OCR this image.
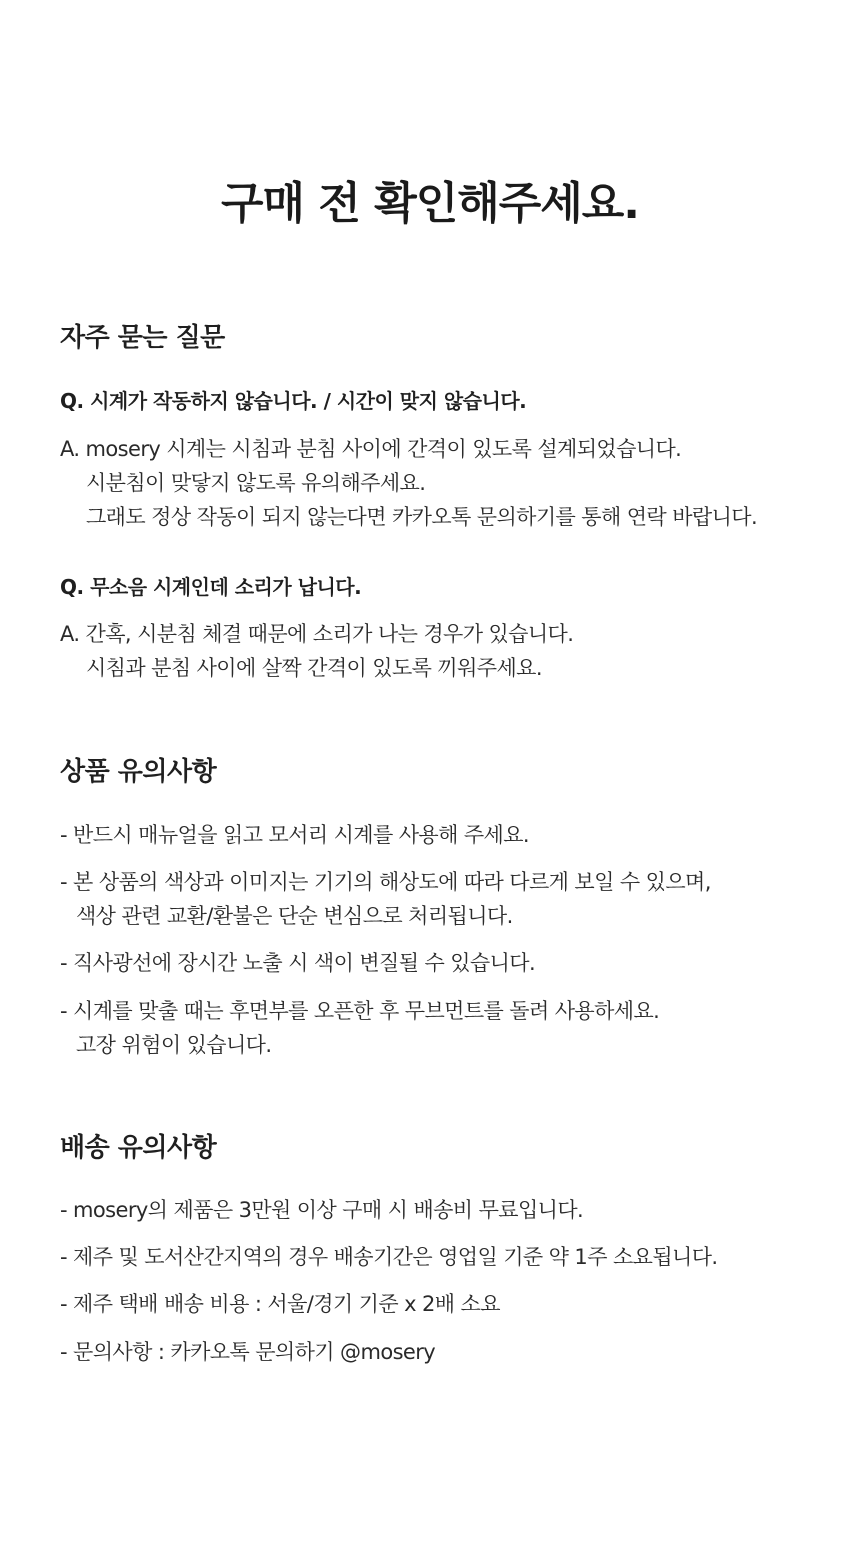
구매 전 확인해주세요.
자주 묻는 질문
Q. 시계가 작동하지 않습니다. / 시간이 맞지 않습니다.
A. mosery 시계는 시침과 분침 사이에 간격이 있도록 설계되었습니다.
시분침이 맞닿지 않도록 유의해주세요.
그래도 정상 작동이 되지 않는다면 카카오톡 문의하기를 통해 연락 바랍니다.
Q. 무소음 시계인데 소리가 납니다.
A. 간혹, 시분침 체결 때문에 소리가 나는 경우가 있습니다.
시침과 분침 사이에 살짝 간격이 있도록 끼워주세요.
상품 유의사항
- 반드시 매뉴얼을 읽고 모서리 시계를 사용해 주세요.
- 본 상품의 색상과 이미지는 기기의 해상도에 따라 다르게 보일 수 있으며,
색상 관련 교환/환불은 단순 변심으로 처리됩니다.
- 직사광선에 장시간 노출 시 색이 변질될 수 있습니다.
- 시계를 맞출 때는 후면부를 오픈한 후 무브먼트를 돌려 사용하세요.
고장 위험이 있습니다.
배송 유의사항
- mosery의 제품은 3만원 이상 구매 시 배송비 무료입니다.
- 제주 및 도서산간지역의 경우 배송기간은 영업일 기준 약 1주 소요됩니다.
- 제주 택배 배송 비용 : 서울/경기 기준 x 2배 소요
- 문의사항 : 카카오톡 문의하기 @mosery
